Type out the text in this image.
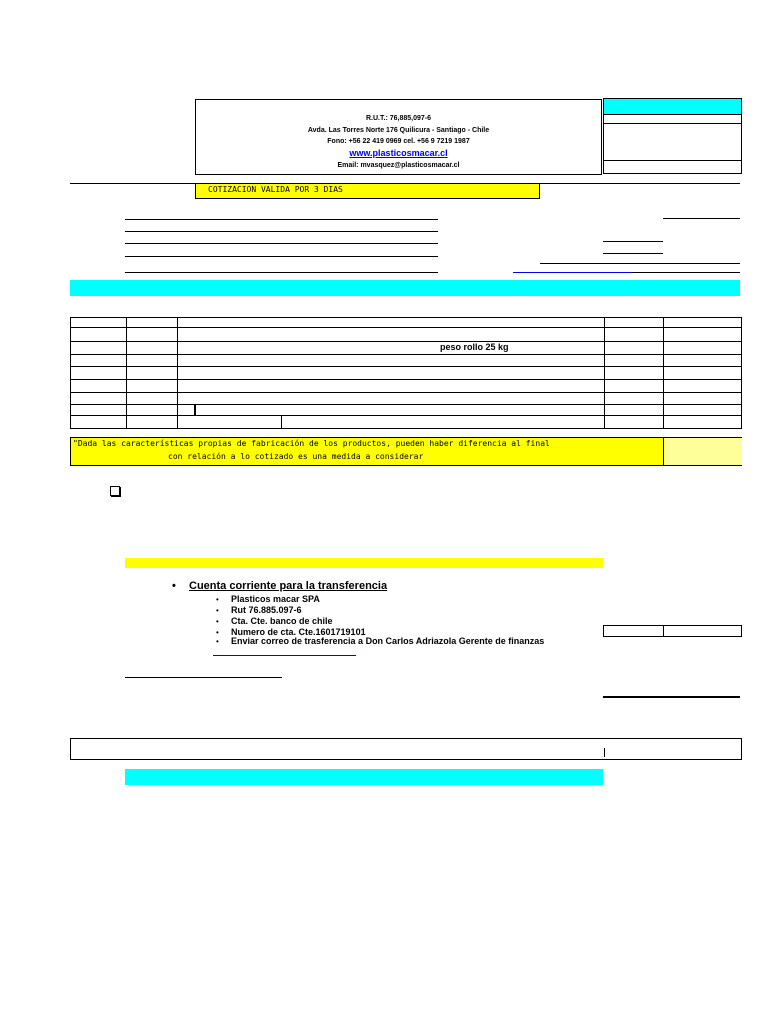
R.U.T.: 76,885,097-6
Avda. Las Torres Norte 176 Quilicura - Santiago - Chile
Fono: +56 22 419 0969 cel. +56 9 7219 1987
www.plasticosmacar.cl
Email: mvasquez@plasticosmacar.cl
COTIZACION VALIDA POR 3 DIAS
peso rollo 25 kg
"Dada las características propias de fabricación de los productos, pueden haber diferencia al final
con relación a lo cotizado es una medida a considerar
• Cuenta corriente para la transferencia
• Plasticos macar SPA
• Rut 76.885.097-6
• Cta. Cte. banco de chile
• Numero de cta. Cte.1601719101
• Enviar correo de trasferencia a Don Carlos Adriazola Gerente de finanzas
